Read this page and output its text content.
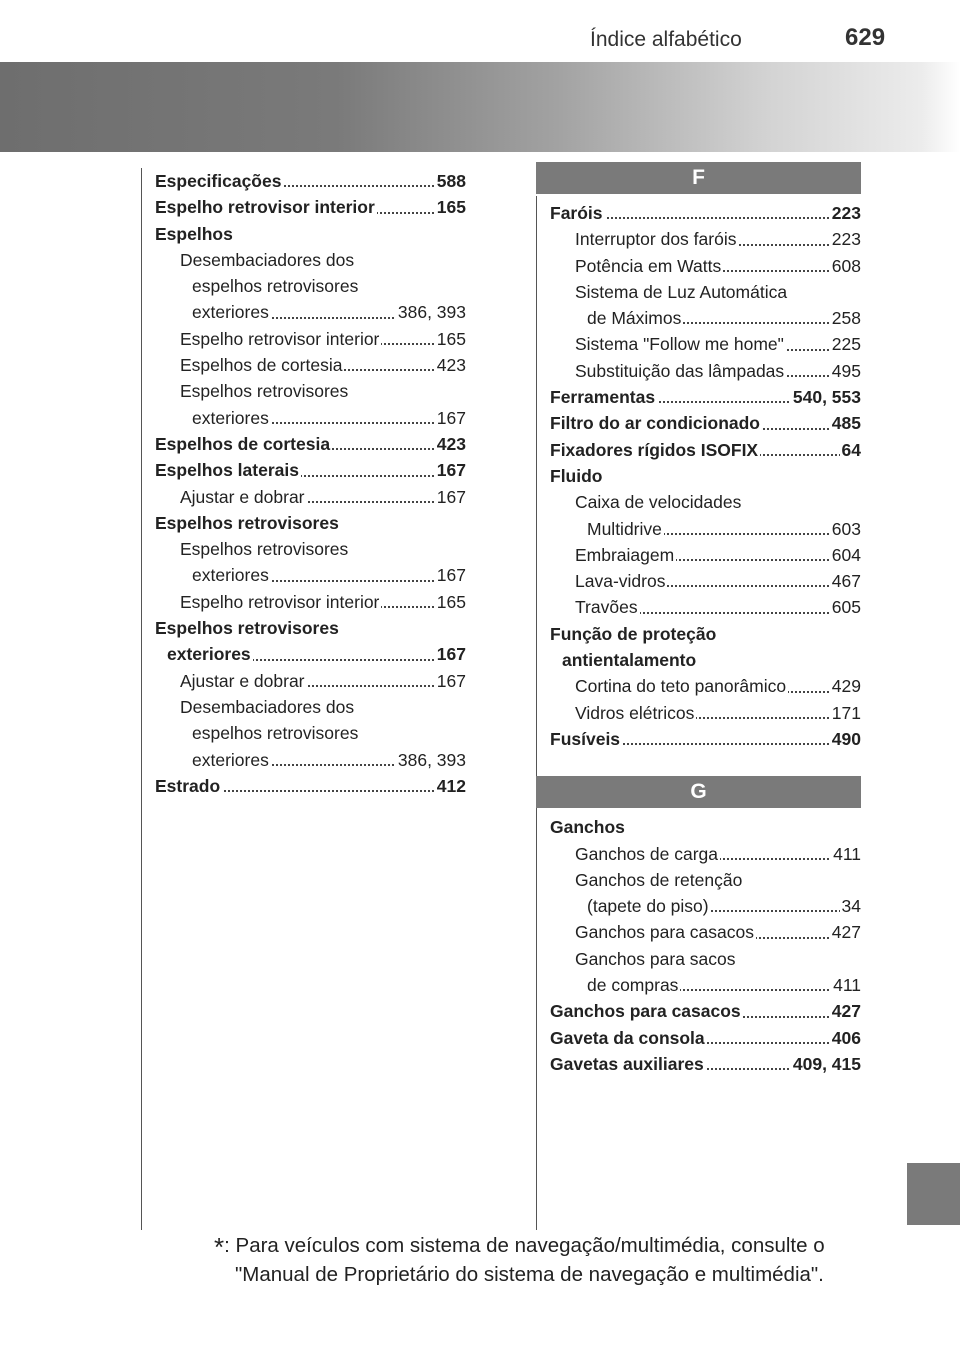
Índice alfabético	629
Especificações	588
Espelho retrovisor interior	165
Espelhos
Desembaciadores dos
espelhos retrovisores
exteriores	386, 393
Espelho retrovisor interior	165
Espelhos de cortesia	423
Espelhos retrovisores
exteriores	167
Espelhos de cortesia	423
Espelhos laterais	167
Ajustar e dobrar	167
Espelhos retrovisores
Espelhos retrovisores
exteriores	167
Espelho retrovisor interior	165
Espelhos retrovisores
exteriores	167
Ajustar e dobrar	167
Desembaciadores dos
espelhos retrovisores
exteriores	386, 393
Estrado	412
F
Faróis	223
Interruptor dos faróis	223
Potência em Watts	608
Sistema de Luz Automática
de Máximos	258
Sistema "Follow me home"	225
Substituição das lâmpadas	495
Ferramentas	540, 553
Filtro do ar condicionado	485
Fixadores rígidos ISOFIX	64
Fluido
Caixa de velocidades
Multidrive	603
Embraiagem	604
Lava-vidros	467
Travões	605
Função de proteção
antientalamento
Cortina do teto panorâmico	429
Vidros elétricos	171
Fusíveis	490
G
Ganchos
Ganchos de carga	411
Ganchos de retenção
(tapete do piso)	34
Ganchos para casacos	427
Ganchos para sacos
de compras	411
Ganchos para casacos	427
Gaveta da consola	406
Gavetas auxiliares	409, 415
*: Para veículos com sistema de navegação/multimédia, consulte o
"Manual de Proprietário do sistema de navegação e multimédia".
